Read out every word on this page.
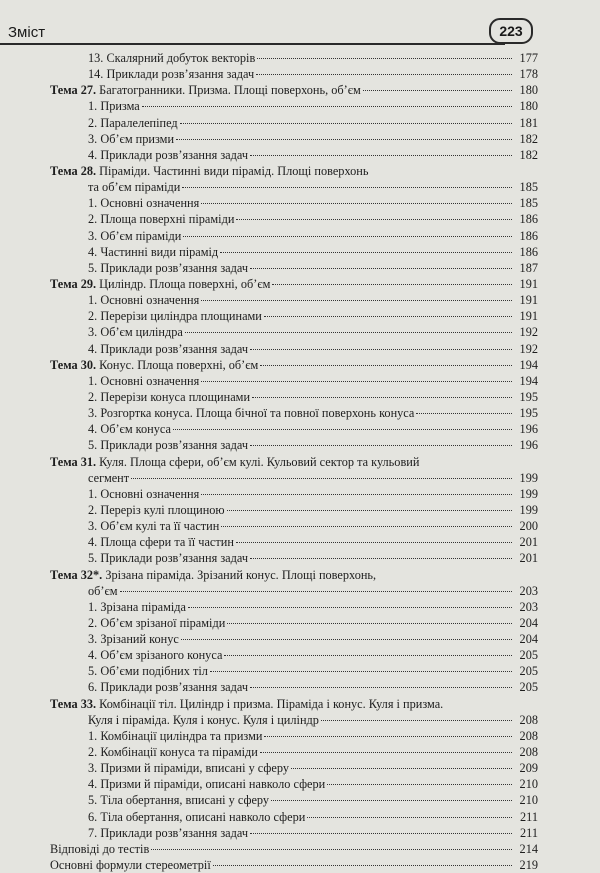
Зміст	223
13. Скалярний добуток векторів	177
14. Приклади розв’язання задач	178
Тема 27. Багатогранники. Призма. Площі поверхонь, об’єм	180
1. Призма	180
2. Паралелепіпед	181
3. Об’єм призми	182
4. Приклади розв’язання задач	182
Тема 28. Піраміди. Частинні види пірамід. Площі поверхонь
та об’єм піраміди	185
1. Основні означення	185
2. Площа поверхні піраміди	186
3. Об’єм піраміди	186
4. Частинні види пірамід	186
5. Приклади розв’язання задач	187
Тема 29. Циліндр. Площа поверхні, об’єм	191
1. Основні означення	191
2. Перерізи циліндра площинами	191
3. Об’єм циліндра	192
4. Приклади розв’язання задач	192
Тема 30. Конус. Площа поверхні, об’єм	194
1. Основні означення	194
2. Перерізи конуса площинами	195
3. Розгортка конуса. Площа бічної та повної поверхонь конуса	195
4. Об’єм конуса	196
5. Приклади розв’язання задач	196
Тема 31. Куля. Площа сфери, об’єм кулі. Кульовий сектор та кульовий
сегмент	199
1. Основні означення	199
2. Переріз кулі площиною	199
3. Об’єм кулі та її частин	200
4. Площа сфери та її частин	201
5. Приклади розв’язання задач	201
Тема 32*. Зрізана піраміда. Зрізаний конус. Площі поверхонь,
об’єм	203
1. Зрізана піраміда	203
2. Об’єм зрізаної піраміди	204
3. Зрізаний конус	204
4. Об’єм зрізаного конуса	205
5. Об’єми подібних тіл	205
6. Приклади розв’язання задач	205
Тема 33. Комбінації тіл. Циліндр і призма. Піраміда і конус. Куля і призма.
Куля і піраміда. Куля і конус. Куля і циліндр	208
1. Комбінації циліндра та призми	208
2. Комбінації конуса та піраміди	208
3. Призми й піраміди, вписані у сферу	209
4. Призми й піраміди, описані навколо сфери	210
5. Тіла обертання, вписані у сферу	210
6. Тіла обертання, описані навколо сфери	211
7. Приклади розв’язання задач	211
Відповіді до тестів	214
Основні формули стереометрії	219
